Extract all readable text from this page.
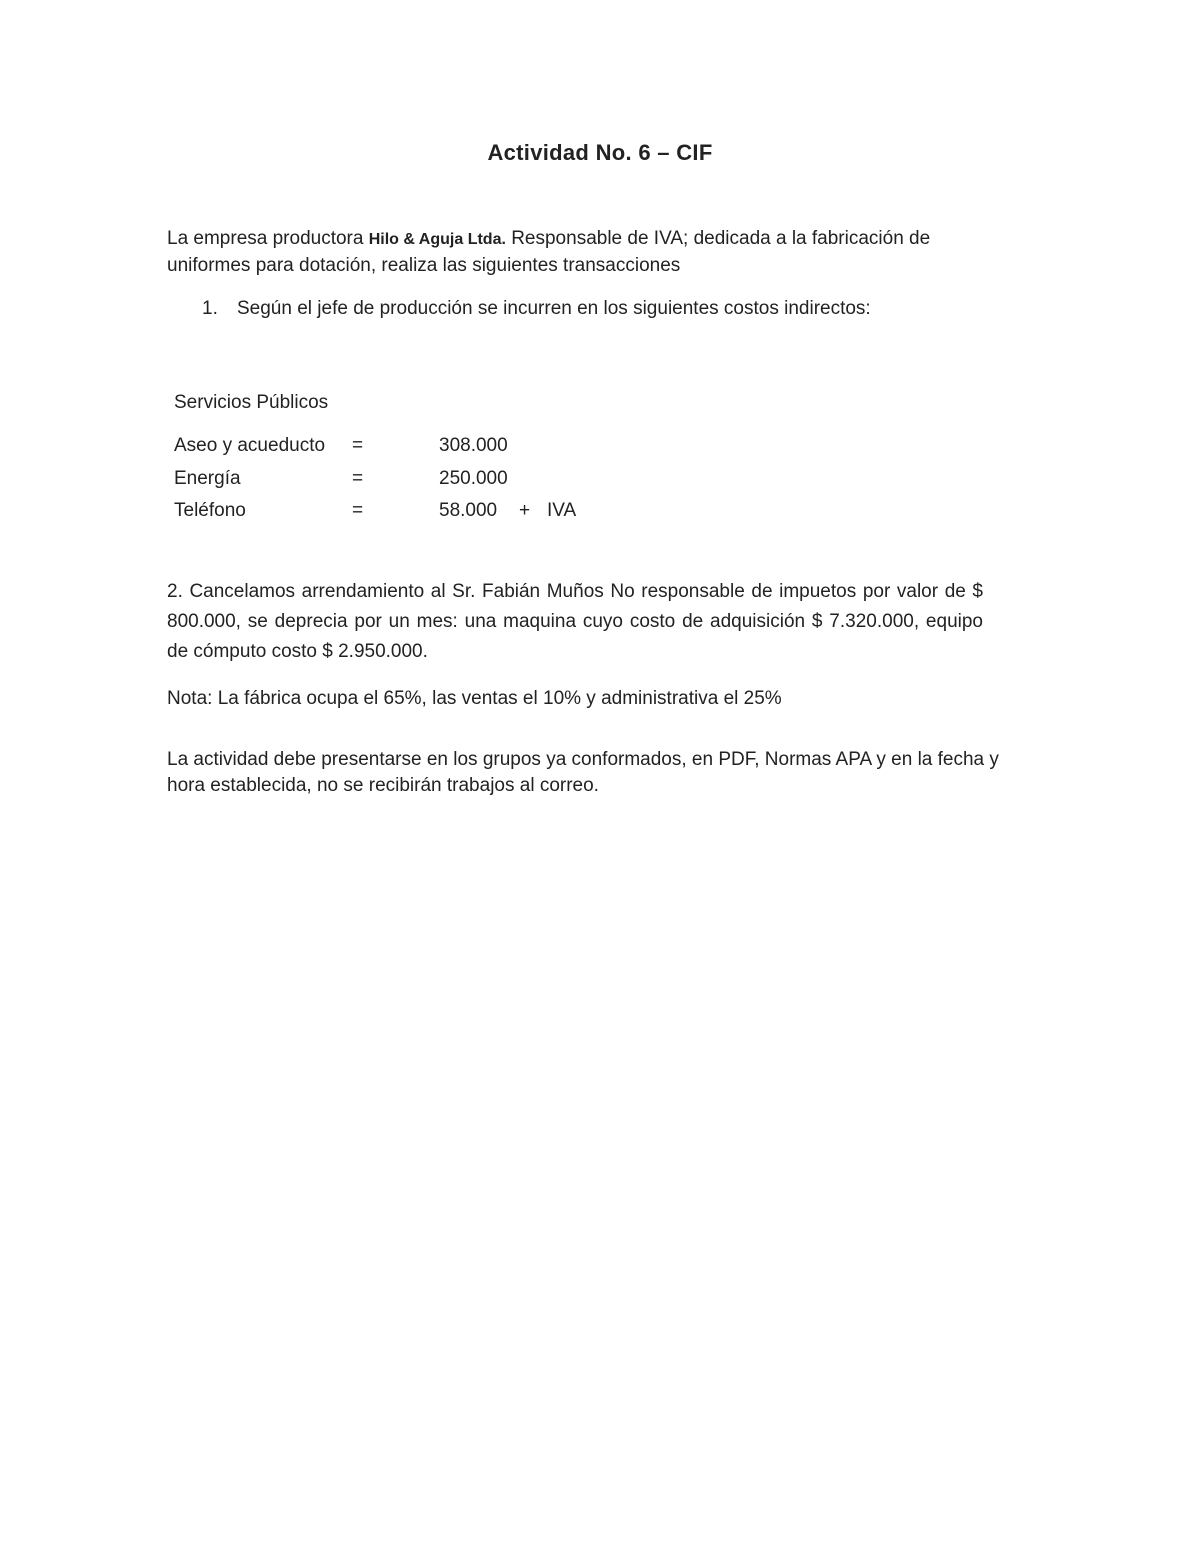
Actividad No. 6 – CIF

La empresa productora Hilo & Aguja Ltda. Responsable de IVA; dedicada a la fabricación de uniformes para dotación, realiza las siguientes transacciones

1. Según el jefe de producción se incurren en los siguientes costos indirectos:
Servicios Públicos
Aseo y acueducto =	308.000
Energía	=	250.000
Teléfono	=	58.000 + IVA

2. Cancelamos arrendamiento al Sr. Fabián Muños No responsable de impuetos por valor de $ 800.000, se deprecia por un mes: una maquina cuyo costo de adquisición $ 7.320.000, equipo de cómputo costo $ 2.950.000.

Nota: La fábrica ocupa el 65%, las ventas el 10% y administrativa el 25%

La actividad debe presentarse en los grupos ya conformados, en PDF, Normas APA y en la fecha y hora establecida, no se recibirán trabajos al correo.
